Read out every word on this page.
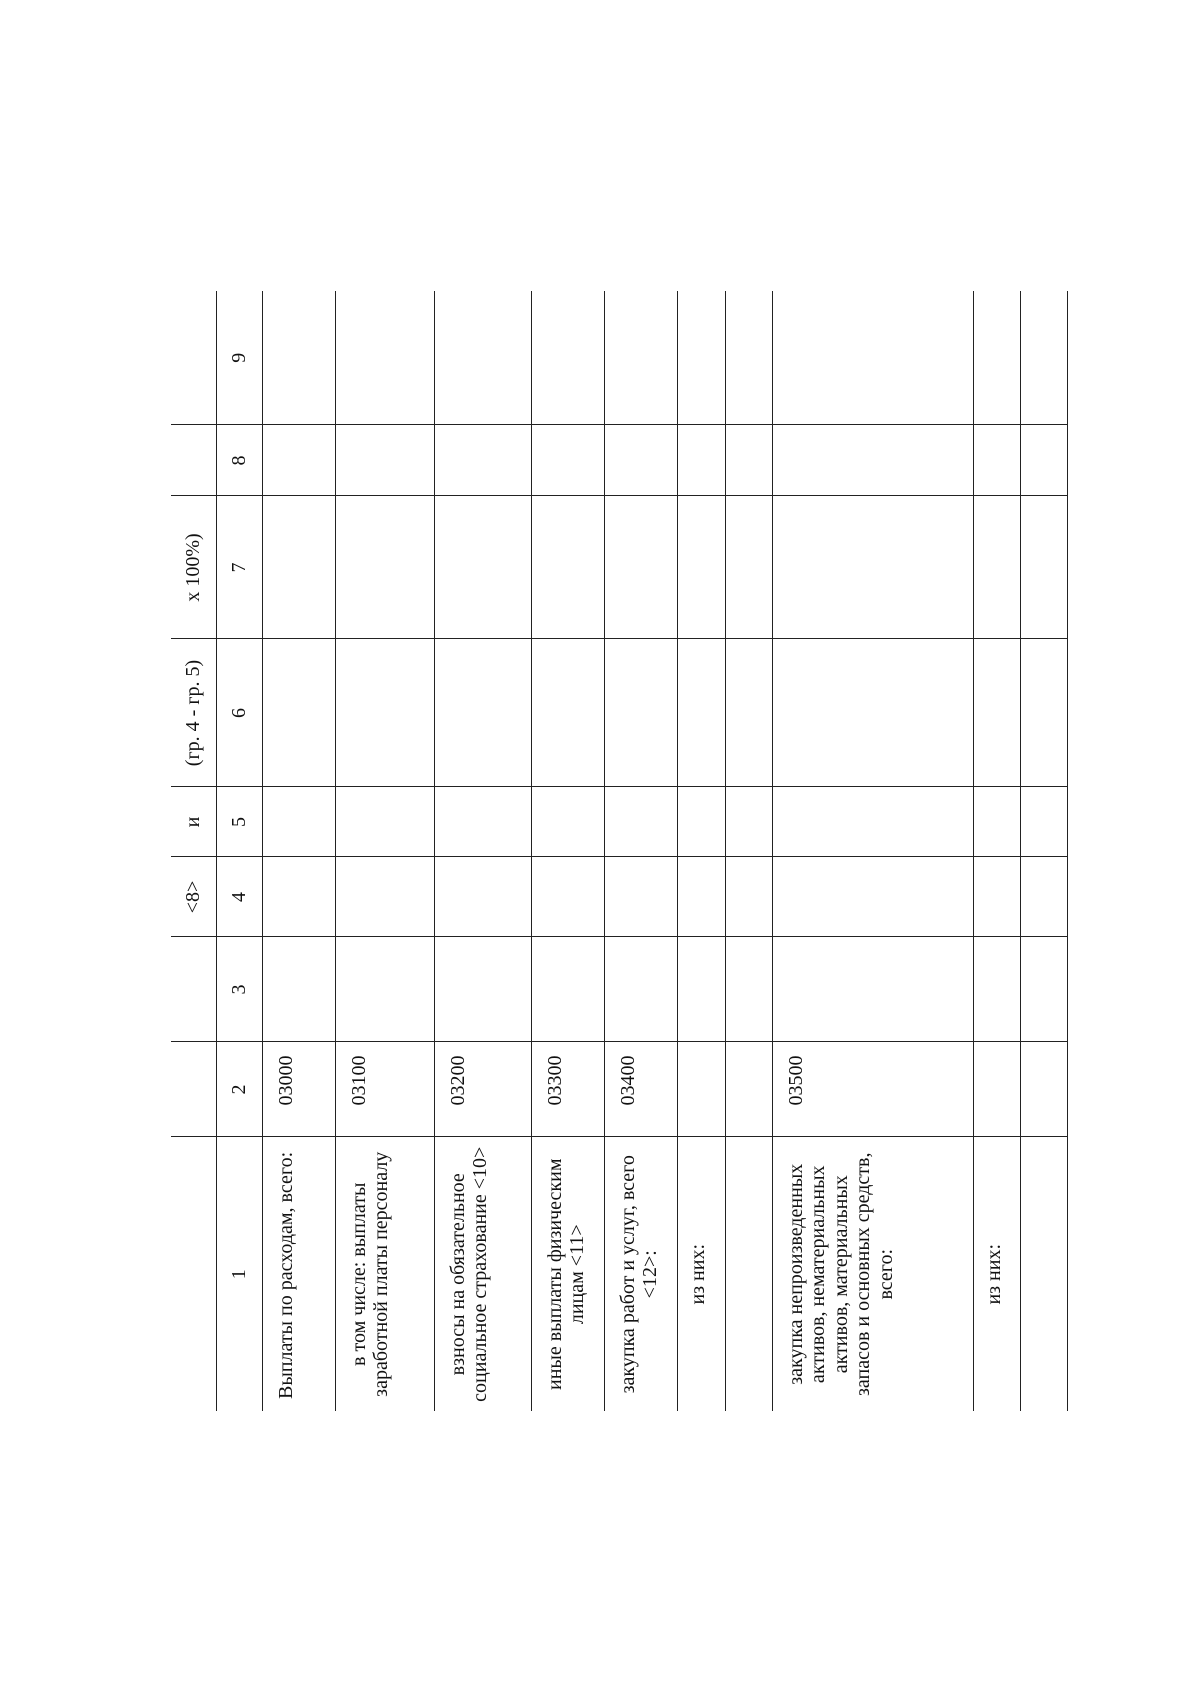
			<8>	и	(гр. 4 - гр. 5)	x 100%)		
1	2	3	4	5	6	7	8	9
Выплаты по расходам, всего:	03000							
в том числе: выплаты заработной платы персоналу	03100							
взносы на обязательное социальное страхование <10>	03200							
иные выплаты физическим лицам <11>	03300							
закупка работ и услуг, всего <12>:	03400							
из них:								

закупка непроизведенных активов, нематериальных активов, материальных запасов и основных средств, всего:	03500							
из них:								
